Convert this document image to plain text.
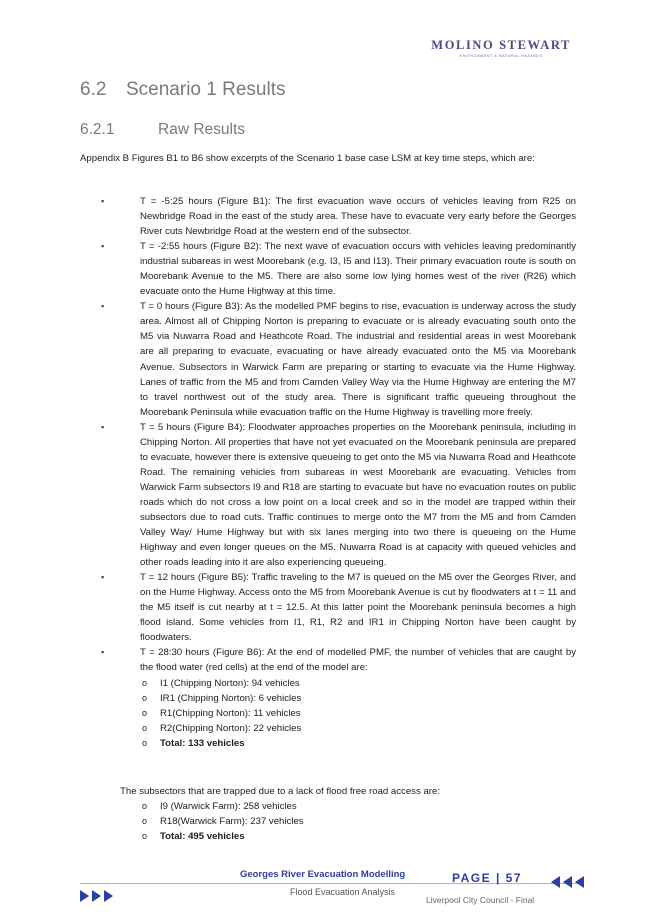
MOLINO STEWART
ENVIRONMENT & NATURAL HAZARDS
6.2 Scenario 1 Results
6.2.1	Raw Results
Appendix B Figures B1 to B6 show excerpts of the Scenario 1 base case LSM at key time steps, which are:
▪	T = -5:25 hours (Figure B1): The first evacuation wave occurs of vehicles leaving from R25 on Newbridge Road in the east of the study area. These have to evacuate very early before the Georges River cuts Newbridge Road at the western end of the subsector.
▪	T = -2:55 hours (Figure B2): The next wave of evacuation occurs with vehicles leaving predominantly industrial subareas in west Moorebank (e.g. I3, I5 and I13). Their primary evacuation route is south on Moorebank Avenue to the M5. There are also some low lying homes west of the river (R26) which evacuate onto the Hume Highway at this time.
▪	T = 0 hours (Figure B3): As the modelled PMF begins to rise, evacuation is underway across the study area. Almost all of Chipping Norton is preparing to evacuate or is already evacuating south onto the M5 via Nuwarra Road and Heathcote Road. The industrial and residential areas in west Moorebank are all preparing to evacuate, evacuating or have already evacuated onto the M5 via Moorebank Avenue. Subsectors in Warwick Farm are preparing or starting to evacuate via the Hume Highway. Lanes of traffic from the M5 and from Camden Valley Way via the Hume Highway are entering the M7 to travel northwest out of the study area. There is significant traffic queueing throughout the Moorebank Peninsula while evacuation traffic on the Hume Highway is travelling more freely.
▪	T = 5 hours (Figure B4): Floodwater approaches properties on the Moorebank peninsula, including in Chipping Norton. All properties that have not yet evacuated on the Moorebank peninsula are prepared to evacuate, however there is extensive queueing to get onto the M5 via Nuwarra Road and Heathcote Road. The remaining vehicles from subareas in west Moorebank are evacuating. Vehicles from Warwick Farm subsectors I9 and R18 are starting to evacuate but have no evacuation routes on public roads which do not cross a low point on a local creek and so in the model are trapped within their subsectors due to road cuts. Traffic continues to merge onto the M7 from the M5 and from Camden Valley Way/ Hume Highway but with six lanes merging into two there is queueing on the Hume Highway and even longer queues on the M5. Nuwarra Road is at capacity with queued vehicles and other roads leading into it are also experiencing queueing.
▪	T = 12 hours (Figure B5): Traffic traveling to the M7 is queued on the M5 over the Georges River, and on the Hume Highway. Access onto the M5 from Moorebank Avenue is cut by floodwaters at t = 11 and the M5 itself is cut nearby at t = 12.5. At this latter point the Moorebank peninsula becomes a high flood island. Some vehicles from I1, R1, R2 and IR1 in Chipping Norton have been caught by floodwaters.
▪	T = 28:30 hours (Figure B6): At the end of modelled PMF, the number of vehicles that are caught by the flood water (red cells) at the end of the model are:
o I1 (Chipping Norton): 94 vehicles
o IR1 (Chipping Norton): 6 vehicles
o R1(Chipping Norton): 11 vehicles
o R2(Chipping Norton): 22 vehicles
o Total: 133 vehicles
The subsectors that are trapped due to a lack of flood free road access are:
o I9 (Warwick Farm): 258 vehicles
o R18(Warwick Farm): 237 vehicles
o Total: 495 vehicles
Georges River Evacuation Modelling
Flood Evacuation Analysis
PAGE | 57
Liverpool City Council - Final
